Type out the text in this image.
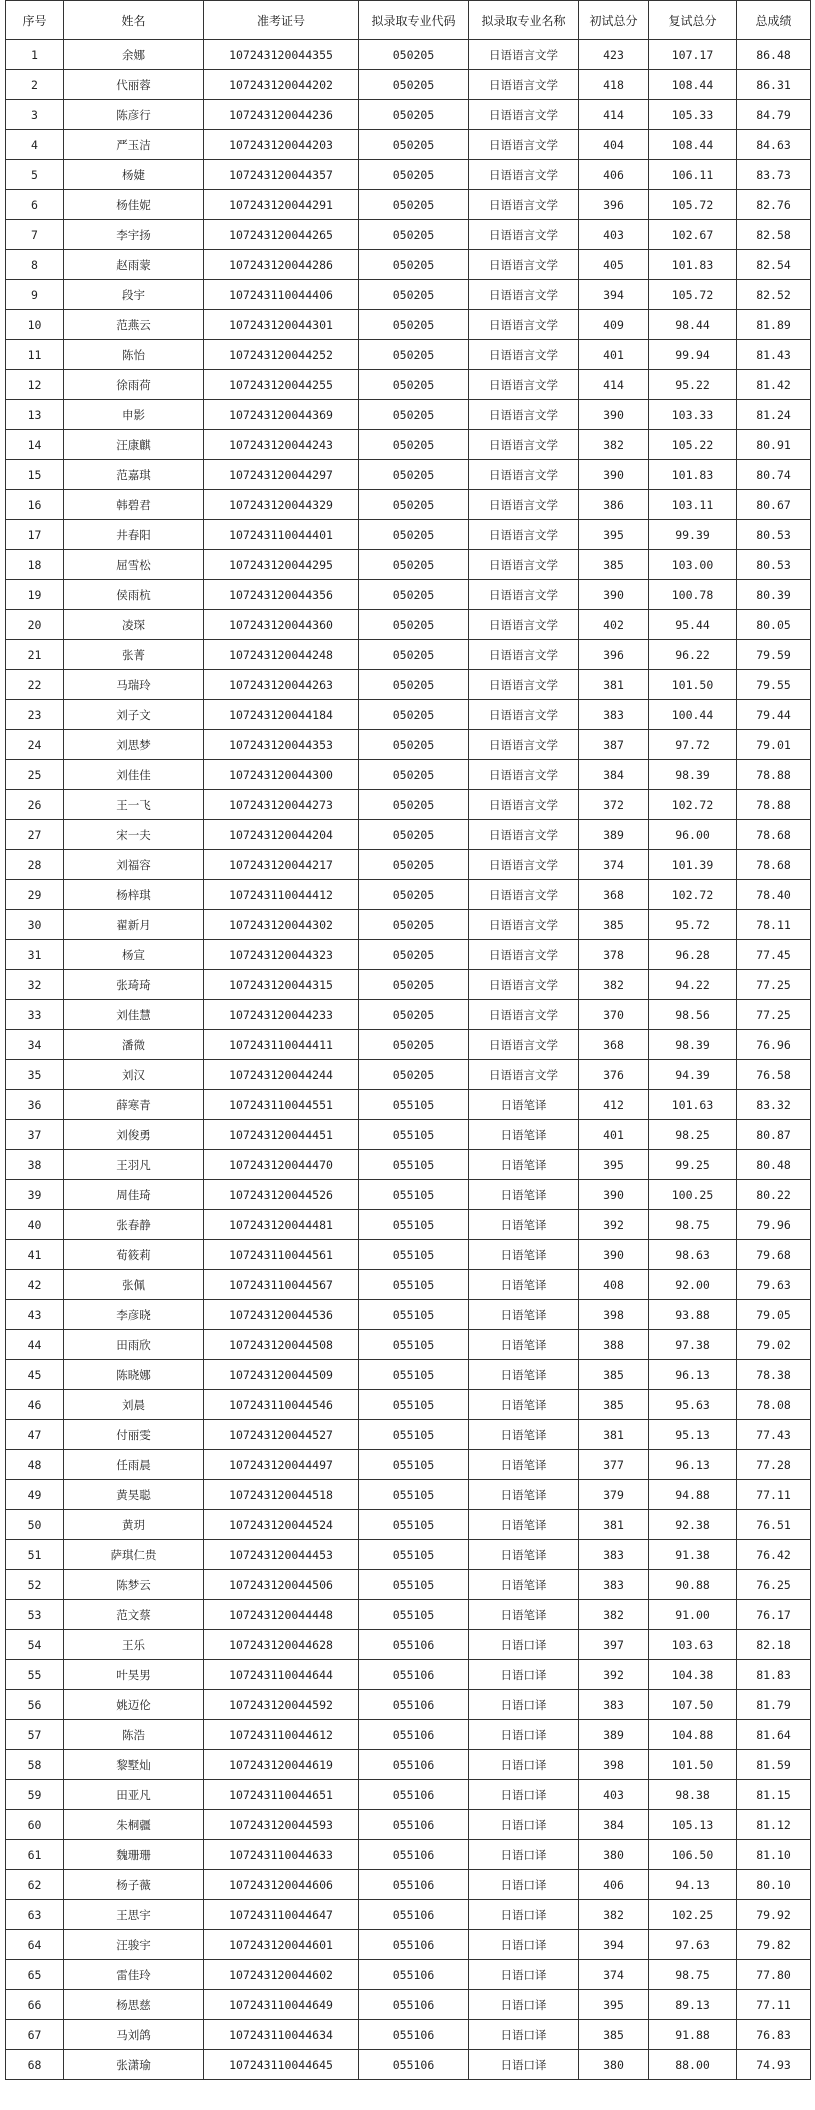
序号	姓名	准考证号	拟录取专业代码	拟录取专业名称	初试总分	复试总分	总成绩
1	余娜	107243120044355	050205	日语语言文学	423	107.17	86.48
2	代丽蓉	107243120044202	050205	日语语言文学	418	108.44	86.31
3	陈彦行	107243120044236	050205	日语语言文学	414	105.33	84.79
4	严玉洁	107243120044203	050205	日语语言文学	404	108.44	84.63
5	杨婕	107243120044357	050205	日语语言文学	406	106.11	83.73
6	杨佳妮	107243120044291	050205	日语语言文学	396	105.72	82.76
7	李宇扬	107243120044265	050205	日语语言文学	403	102.67	82.58
8	赵雨蒙	107243120044286	050205	日语语言文学	405	101.83	82.54
9	段宇	107243110044406	050205	日语语言文学	394	105.72	82.52
10	范燕云	107243120044301	050205	日语语言文学	409	98.44	81.89
11	陈怡	107243120044252	050205	日语语言文学	401	99.94	81.43
12	徐雨荷	107243120044255	050205	日语语言文学	414	95.22	81.42
13	申影	107243120044369	050205	日语语言文学	390	103.33	81.24
14	汪康麒	107243120044243	050205	日语语言文学	382	105.22	80.91
15	范嘉琪	107243120044297	050205	日语语言文学	390	101.83	80.74
16	韩碧君	107243120044329	050205	日语语言文学	386	103.11	80.67
17	井春阳	107243110044401	050205	日语语言文学	395	99.39	80.53
18	屈雪松	107243120044295	050205	日语语言文学	385	103.00	80.53
19	侯雨杭	107243120044356	050205	日语语言文学	390	100.78	80.39
20	凌琛	107243120044360	050205	日语语言文学	402	95.44	80.05
21	张菁	107243120044248	050205	日语语言文学	396	96.22	79.59
22	马瑞玲	107243120044263	050205	日语语言文学	381	101.50	79.55
23	刘子文	107243120044184	050205	日语语言文学	383	100.44	79.44
24	刘思梦	107243120044353	050205	日语语言文学	387	97.72	79.01
25	刘佳佳	107243120044300	050205	日语语言文学	384	98.39	78.88
26	王一飞	107243120044273	050205	日语语言文学	372	102.72	78.88
27	宋一夫	107243120044204	050205	日语语言文学	389	96.00	78.68
28	刘福容	107243120044217	050205	日语语言文学	374	101.39	78.68
29	杨梓琪	107243110044412	050205	日语语言文学	368	102.72	78.40
30	翟新月	107243120044302	050205	日语语言文学	385	95.72	78.11
31	杨宣	107243120044323	050205	日语语言文学	378	96.28	77.45
32	张琦琦	107243120044315	050205	日语语言文学	382	94.22	77.25
33	刘佳慧	107243120044233	050205	日语语言文学	370	98.56	77.25
34	潘微	107243110044411	050205	日语语言文学	368	98.39	76.96
35	刘汉	107243120044244	050205	日语语言文学	376	94.39	76.58
36	薛寒青	107243110044551	055105	日语笔译	412	101.63	83.32
37	刘俊勇	107243120044451	055105	日语笔译	401	98.25	80.87
38	王羽凡	107243120044470	055105	日语笔译	395	99.25	80.48
39	周佳琦	107243120044526	055105	日语笔译	390	100.25	80.22
40	张春静	107243120044481	055105	日语笔译	392	98.75	79.96
41	荀筱莉	107243110044561	055105	日语笔译	390	98.63	79.68
42	张佩	107243110044567	055105	日语笔译	408	92.00	79.63
43	李彦晓	107243120044536	055105	日语笔译	398	93.88	79.05
44	田雨欣	107243120044508	055105	日语笔译	388	97.38	79.02
45	陈晓娜	107243120044509	055105	日语笔译	385	96.13	78.38
46	刘晨	107243110044546	055105	日语笔译	385	95.63	78.08
47	付丽雯	107243120044527	055105	日语笔译	381	95.13	77.43
48	任雨晨	107243120044497	055105	日语笔译	377	96.13	77.28
49	黄昊聪	107243120044518	055105	日语笔译	379	94.88	77.11
50	黄玥	107243120044524	055105	日语笔译	381	92.38	76.51
51	萨琪仁贵	107243120044453	055105	日语笔译	383	91.38	76.42
52	陈梦云	107243120044506	055105	日语笔译	383	90.88	76.25
53	范文蔡	107243120044448	055105	日语笔译	382	91.00	76.17
54	王乐	107243120044628	055106	日语口译	397	103.63	82.18
55	叶昊男	107243110044644	055106	日语口译	392	104.38	81.83
56	姚迈伦	107243120044592	055106	日语口译	383	107.50	81.79
57	陈浩	107243110044612	055106	日语口译	389	104.88	81.64
58	黎墅灿	107243120044619	055106	日语口译	398	101.50	81.59
59	田亚凡	107243110044651	055106	日语口译	403	98.38	81.15
60	朱桐疆	107243120044593	055106	日语口译	384	105.13	81.12
61	魏珊珊	107243110044633	055106	日语口译	380	106.50	81.10
62	杨子薇	107243120044606	055106	日语口译	406	94.13	80.10
63	王思宇	107243110044647	055106	日语口译	382	102.25	79.92
64	汪骏宇	107243120044601	055106	日语口译	394	97.63	79.82
65	雷佳玲	107243120044602	055106	日语口译	374	98.75	77.80
66	杨思慈	107243110044649	055106	日语口译	395	89.13	77.11
67	马刘鸽	107243110044634	055106	日语口译	385	91.88	76.83
68	张潇瑜	107243110044645	055106	日语口译	380	88.00	74.93
